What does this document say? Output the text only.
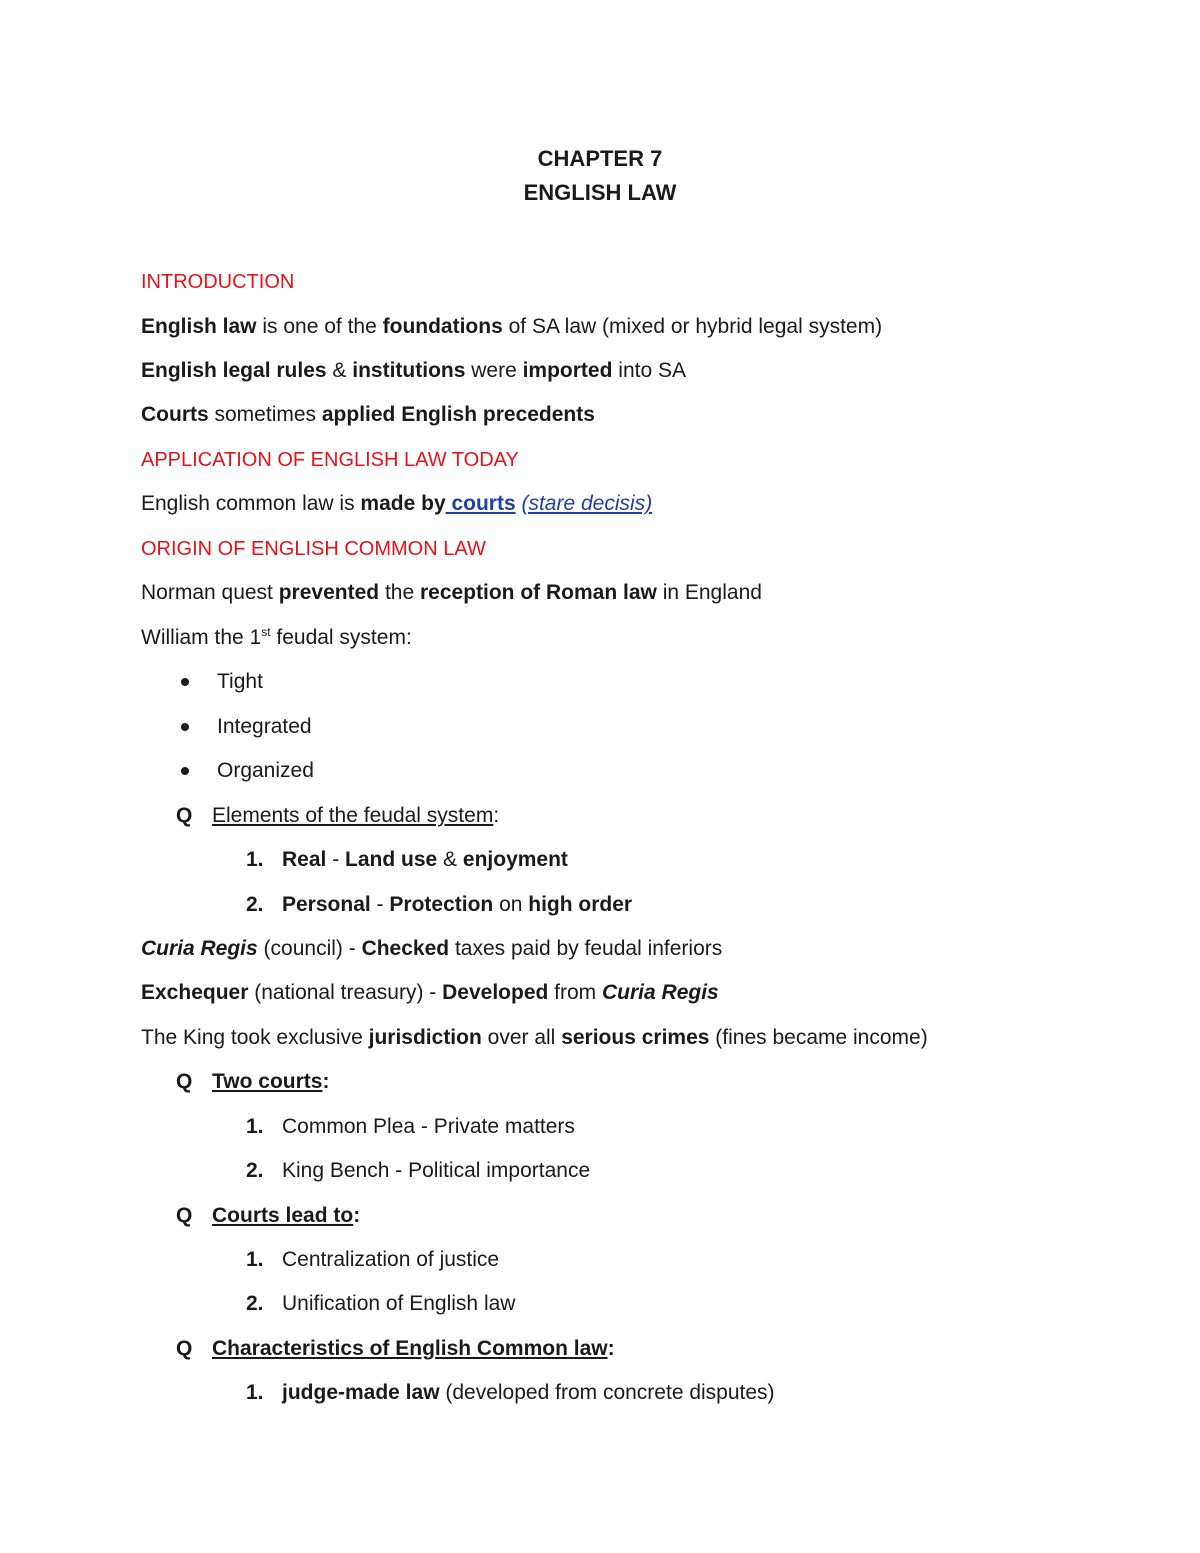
CHAPTER 7
ENGLISH LAW
INTRODUCTION
English law is one of the foundations of SA law (mixed or hybrid legal system)
English legal rules & institutions were imported into SA
Courts sometimes applied English precedents
APPLICATION OF ENGLISH LAW TODAY
English common law is made by courts (stare decisis)
ORIGIN OF ENGLISH COMMON LAW
Norman quest prevented the reception of Roman law in England
William the 1st feudal system:
Tight
Integrated
Organized
Q Elements of the feudal system:
1. Real - Land use & enjoyment
2. Personal - Protection on high order
Curia Regis (council) - Checked taxes paid by feudal inferiors
Exchequer (national treasury) - Developed from Curia Regis
The King took exclusive jurisdiction over all serious crimes (fines became income)
Q Two courts:
1. Common Plea - Private matters
2. King Bench - Political importance
Q Courts lead to:
1. Centralization of justice
2. Unification of English law
Q Characteristics of English Common law:
1. judge-made law (developed from concrete disputes)
